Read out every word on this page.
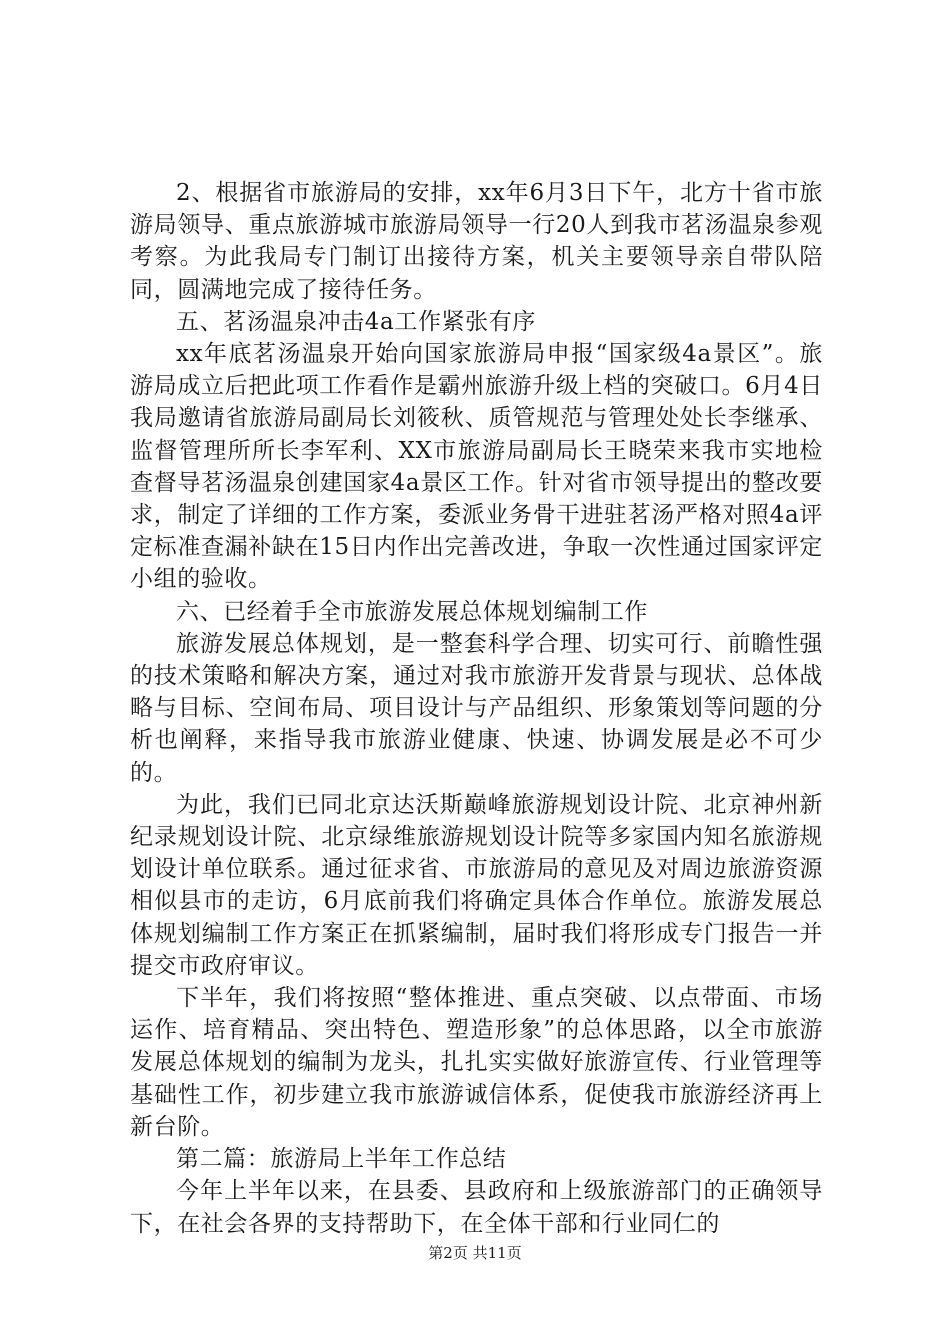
2、根据省市旅游局的安排，xx年6月3日下午，北方十省市旅游局领导、重点旅游城市旅游局领导一行20人到我市茗汤温泉参观考察。为此我局专门制订出接待方案，机关主要领导亲自带队陪同，圆满地完成了接待任务。

五、茗汤温泉冲击4a工作紧张有序

xx年底茗汤温泉开始向国家旅游局申报“国家级4a景区”。旅游局成立后把此项工作看作是霸州旅游升级上档的突破口。6月4日我局邀请省旅游局副局长刘筱秋、质管规范与管理处处长李继承、监督管理所所长李军利、XX市旅游局副局长王晓荣来我市实地检查督导茗汤温泉创建国家4a景区工作。针对省市领导提出的整改要求，制定了详细的工作方案，委派业务骨干进驻茗汤严格对照4a评定标准查漏补缺在15日内作出完善改进，争取一次性通过国家评定小组的验收。

六、已经着手全市旅游发展总体规划编制工作

旅游发展总体规划，是一整套科学合理、切实可行、前瞻性强的技术策略和解决方案，通过对我市旅游开发背景与现状、总体战略与目标、空间布局、项目设计与产品组织、形象策划等问题的分析也阐释，来指导我市旅游业健康、快速、协调发展是必不可少的。

为此，我们已同北京达沃斯巅峰旅游规划设计院、北京神州新纪录规划设计院、北京绿维旅游规划设计院等多家国内知名旅游规划设计单位联系。通过征求省、市旅游局的意见及对周边旅游资源相似县市的走访，6月底前我们将确定具体合作单位。旅游发展总体规划编制工作方案正在抓紧编制，届时我们将形成专门报告一并提交市政府审议。

下半年，我们将按照“整体推进、重点突破、以点带面、市场运作、培育精品、突出特色、塑造形象”的总体思路，以全市旅游发展总体规划的编制为龙头，扎扎实实做好旅游宣传、行业管理等基础性工作，初步建立我市旅游诚信体系，促使我市旅游经济再上新台阶。

第二篇：旅游局上半年工作总结

今年上半年以来，在县委、县政府和上级旅游部门的正确领导下，在社会各界的支持帮助下，在全体干部和行业同仁的

第2页 共11页
